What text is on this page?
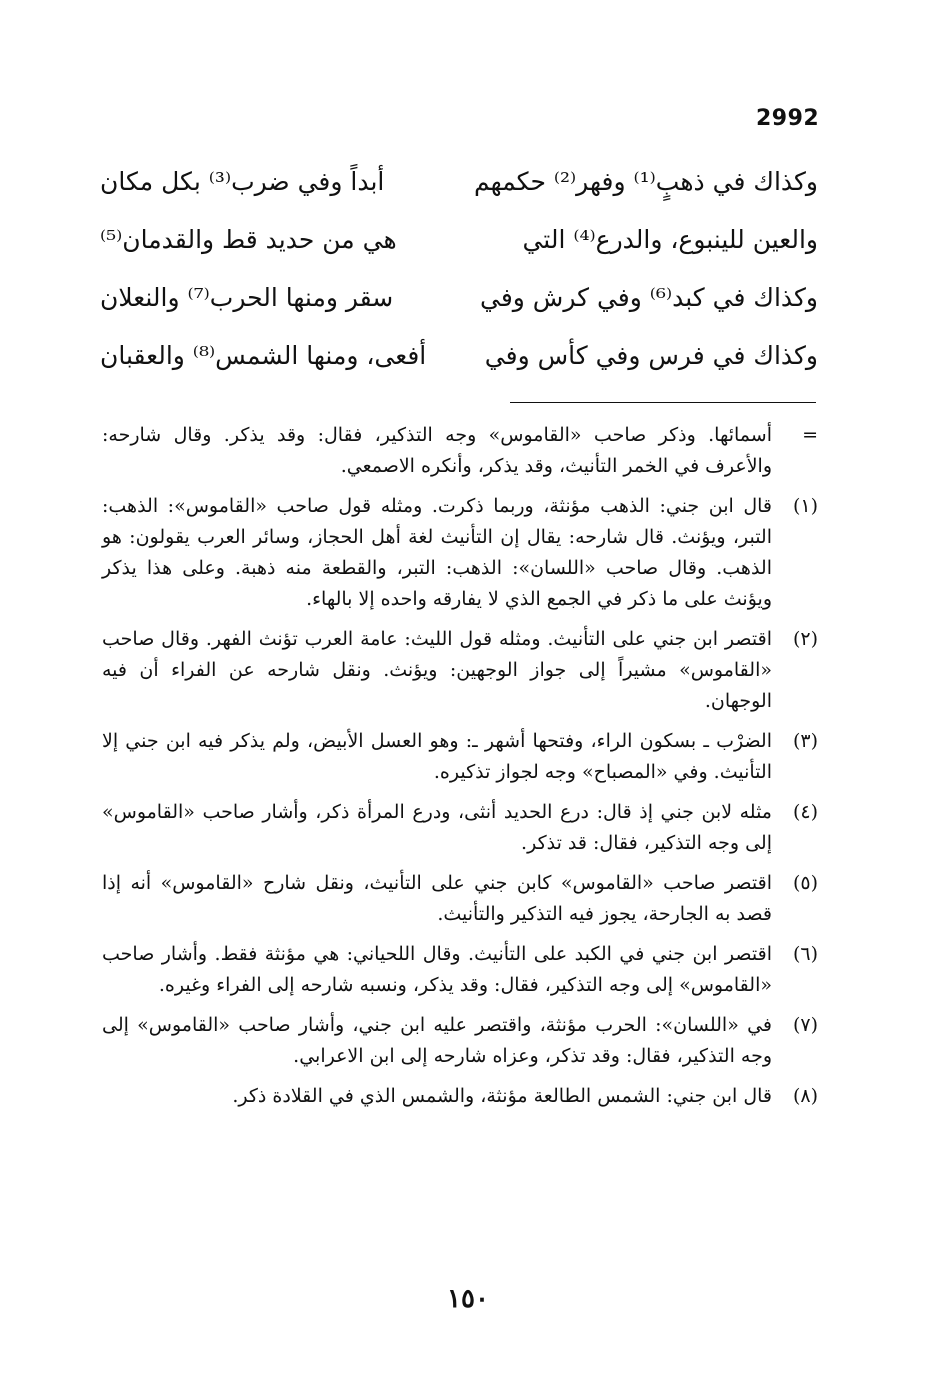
2992
وكذاك في ذهبٍ⁽¹⁾ وفهر⁽²⁾ حكمهم
أبداً وفي ضرب⁽³⁾ بكل مكان
والعين للينبوع، والدرع⁽⁴⁾ التي
هي من حديد قط والقدمان⁽⁵⁾
وكذاك في كبد⁽⁶⁾ وفي كرش وفي
سقر ومنها الحرب⁽⁷⁾ والنعلان
وكذاك في فرس وفي كأس وفي
أفعى، ومنها الشمس⁽⁸⁾ والعقبان
=
أسمائها. وذكر صاحب «القاموس» وجه التذكير، فقال: وقد يذكر. وقال شارحه: والأعرف في الخمر التأنيث، وقد يذكر، وأنكره الاصمعي.
(١)
قال ابن جني: الذهب مؤنثة، وربما ذكرت. ومثله قول صاحب «القاموس»: الذهب: التبر، ويؤنث. قال شارحه: يقال إن التأنيث لغة أهل الحجاز، وسائر العرب يقولون: هو الذهب. وقال صاحب «اللسان»: الذهب: التبر، والقطعة منه ذهبة. وعلى هذا يذكر ويؤنث على ما ذكر في الجمع الذي لا يفارقه واحده إلا بالهاء.
(٢)
اقتصر ابن جني على التأنيث. ومثله قول الليث: عامة العرب تؤنث الفهر. وقال صاحب «القاموس» مشيراً إلى جواز الوجهين: ويؤنث. ونقل شارحه عن الفراء أن فيه الوجهان.
(٣)
الضرْب ـ بسكون الراء، وفتحها أشهر ـ: وهو العسل الأبيض، ولم يذكر فيه ابن جني إلا التأنيث. وفي «المصباح» وجه لجواز تذكيره.
(٤)
مثله لابن جني إذ قال: درع الحديد أنثى، ودرع المرأة ذكر، وأشار صاحب «القاموس» إلى وجه التذكير، فقال: قد تذكر.
(٥)
اقتصر صاحب «القاموس» كابن جني على التأنيث، ونقل شارح «القاموس» أنه إذا قصد به الجارحة، يجوز فيه التذكير والتأنيث.
(٦)
اقتصر ابن جني في الكبد على التأنيث. وقال اللحياني: هي مؤنثة فقط. وأشار صاحب «القاموس» إلى وجه التذكير، فقال: وقد يذكر، ونسبه شارحه إلى الفراء وغيره.
(٧)
في «اللسان»: الحرب مؤنثة، واقتصر عليه ابن جني، وأشار صاحب «القاموس» إلى وجه التذكير، فقال: وقد تذكر، وعزاه شارحه إلى ابن الاعرابي.
(٨)
قال ابن جني: الشمس الطالعة مؤنثة، والشمس الذي في القلادة ذكر.
١٥٠
